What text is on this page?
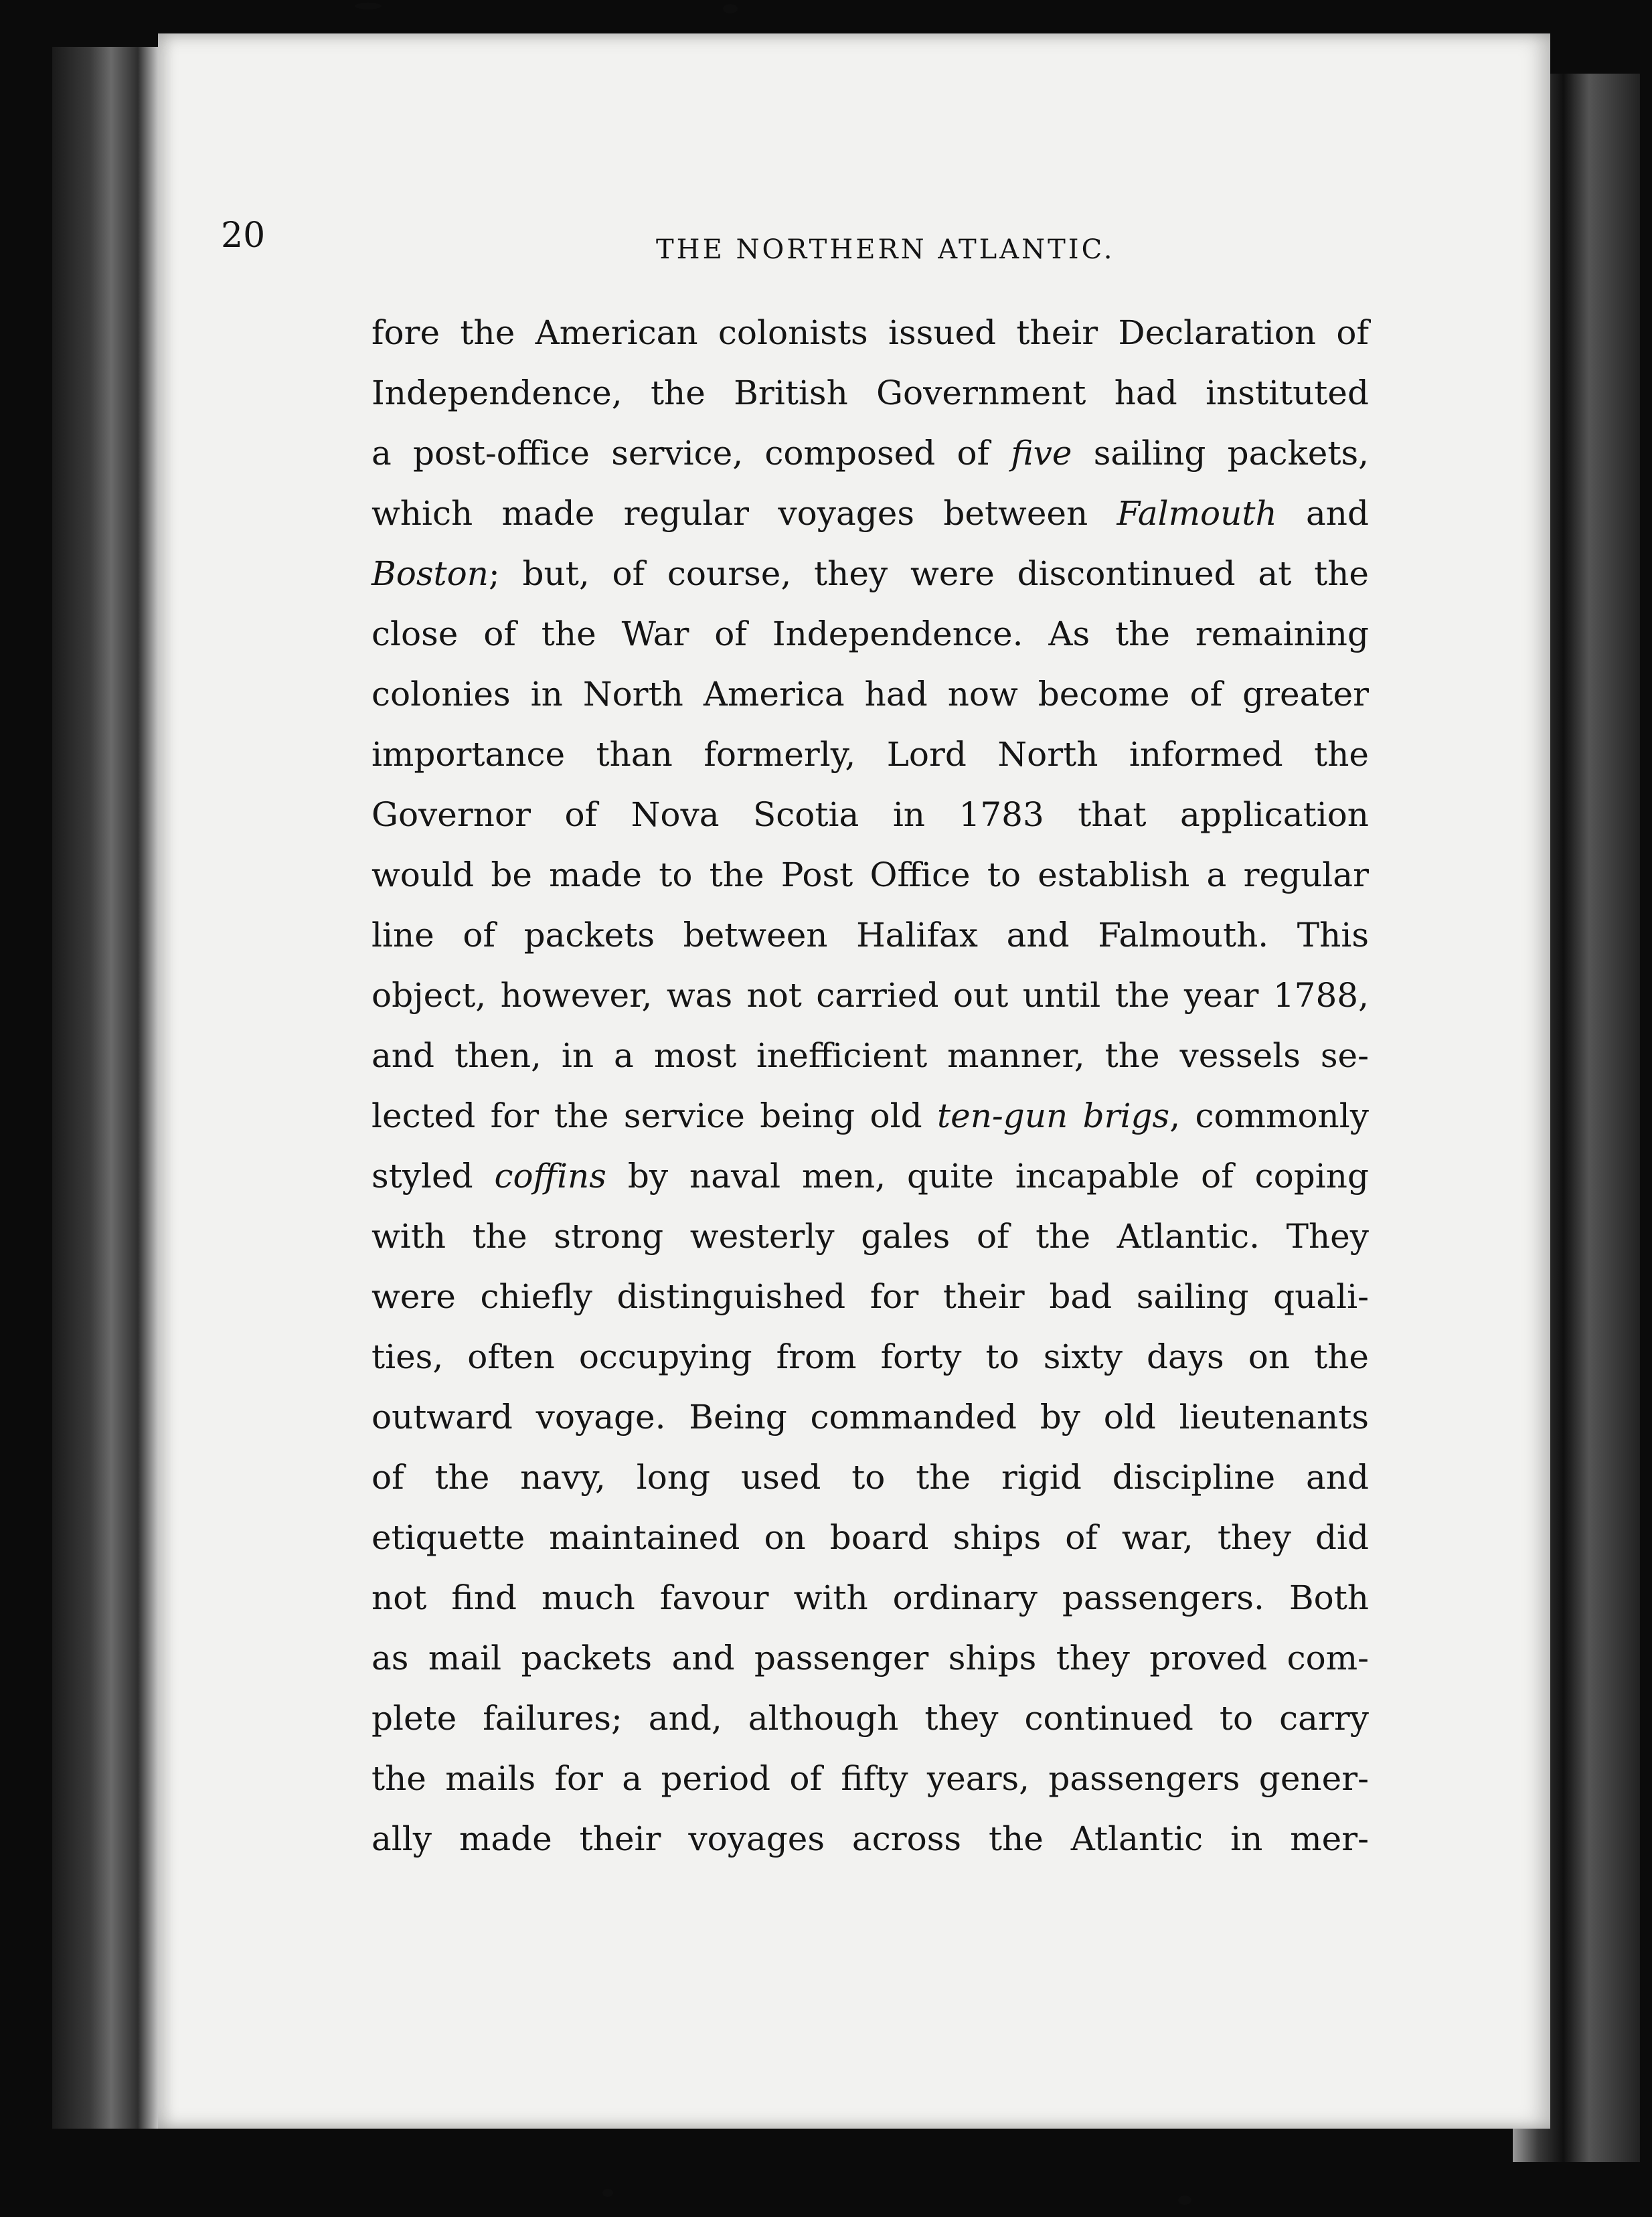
20	THE NORTHERN ATLANTIC.
fore the American colonists issued their Declaration of
Independence, the British Government had instituted
a post-office service, composed of five sailing packets,
which made regular voyages between Falmouth and
Boston; but, of course, they were discontinued at the
close of the War of Independence. As the remaining
colonies in North America had now become of greater
importance than formerly, Lord North informed the
Governor of Nova Scotia in 1783 that application
would be made to the Post Office to establish a regular
line of packets between Halifax and Falmouth. This
object, however, was not carried out until the year 1788,
and then, in a most inefficient manner, the vessels se-
lected for the service being old ten-gun brigs, commonly
styled coffins by naval men, quite incapable of coping
with the strong westerly gales of the Atlantic. They
were chiefly distinguished for their bad sailing quali-
ties, often occupying from forty to sixty days on the
outward voyage. Being commanded by old lieutenants
of the navy, long used to the rigid discipline and
etiquette maintained on board ships of war, they did
not find much favour with ordinary passengers. Both
as mail packets and passenger ships they proved com-
plete failures; and, although they continued to carry
the mails for a period of fifty years, passengers gener-
ally made their voyages across the Atlantic in mer-
